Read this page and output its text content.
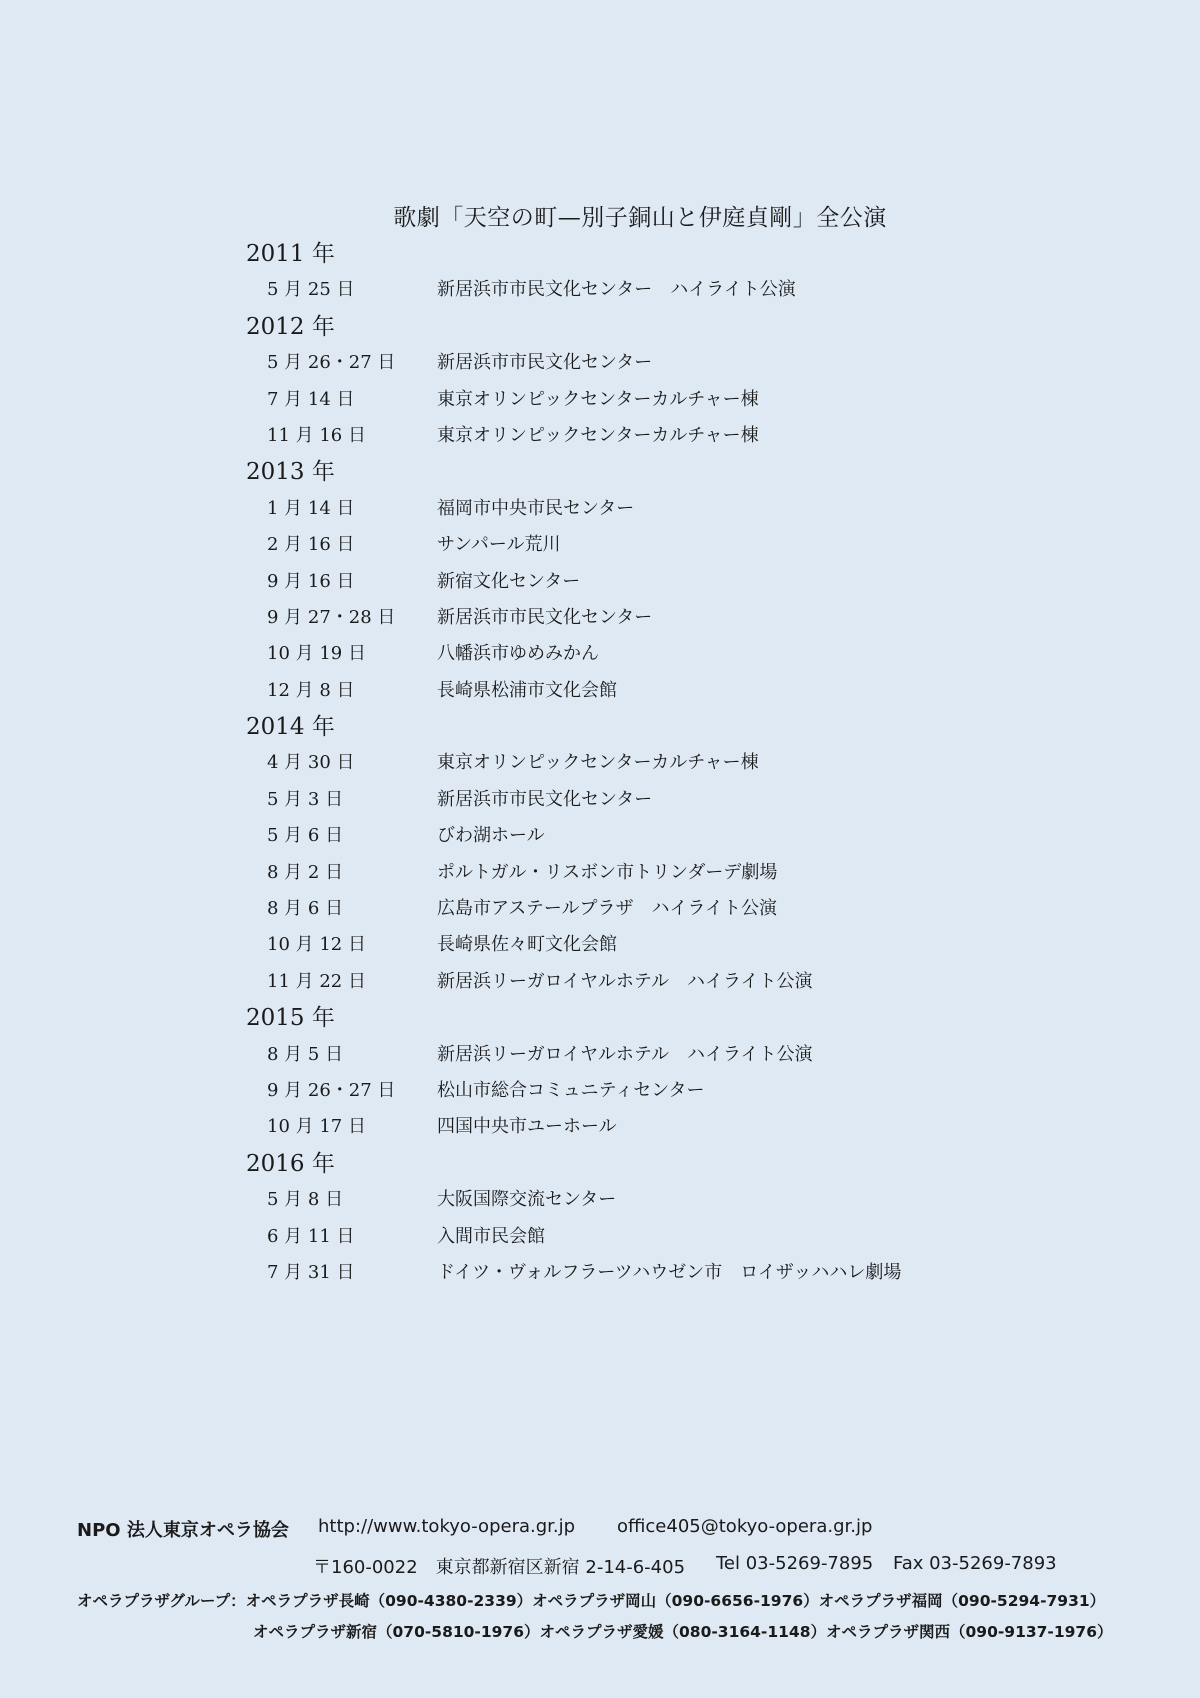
歌劇「天空の町—別子銅山と伊庭貞剛」全公演
2011 年
5 月 25 日	新居浜市市民文化センター　ハイライト公演
2012 年
5 月 26・27 日 新居浜市市民文化センター
7 月 14 日	東京オリンピックセンターカルチャー棟
11 月 16 日	東京オリンピックセンターカルチャー棟
2013 年
1 月 14 日	福岡市中央市民センター
2 月 16 日	サンパール荒川
9 月 16 日	新宿文化センター
9 月 27・28 日 新居浜市市民文化センター
10 月 19 日	八幡浜市ゆめみかん
12 月 8 日	長崎県松浦市文化会館
2014 年
4 月 30 日	東京オリンピックセンターカルチャー棟
5 月 3 日	新居浜市市民文化センター
5 月 6 日	びわ湖ホール
8 月 2 日	ポルトガル・リスボン市トリンダーデ劇場
8 月 6 日	広島市アステールプラザ　ハイライト公演
10 月 12 日	長崎県佐々町文化会館
11 月 22 日	新居浜リーガロイヤルホテル　ハイライト公演
2015 年
8 月 5 日	新居浜リーガロイヤルホテル　ハイライト公演
9 月 26・27 日 松山市総合コミュニティセンター
10 月 17 日	四国中央市ユーホール
2016 年
5 月 8 日	大阪国際交流センター
6 月 11 日	入間市民会館
7 月 31 日	ドイツ・ヴォルフラーツハウゼン市　ロイザッハハレ劇場
NPO 法人東京オペラ協会 http://www.tokyo-opera.gr.jp office405@tokyo-opera.gr.jp
〒160-0022　東京都新宿区新宿 2-14-6-405 Tel 03-5269-7895 Fax 03-5269-7893
オペラプラザグループ：オペラプラザ長崎（090-4380-2339）オペラプラザ岡山（090-6656-1976）オペラプラザ福岡（090-5294-7931）
オペラプラザ新宿（070-5810-1976）オペラプラザ愛媛（080-3164-1148）オペラプラザ関西（090-9137-1976）
